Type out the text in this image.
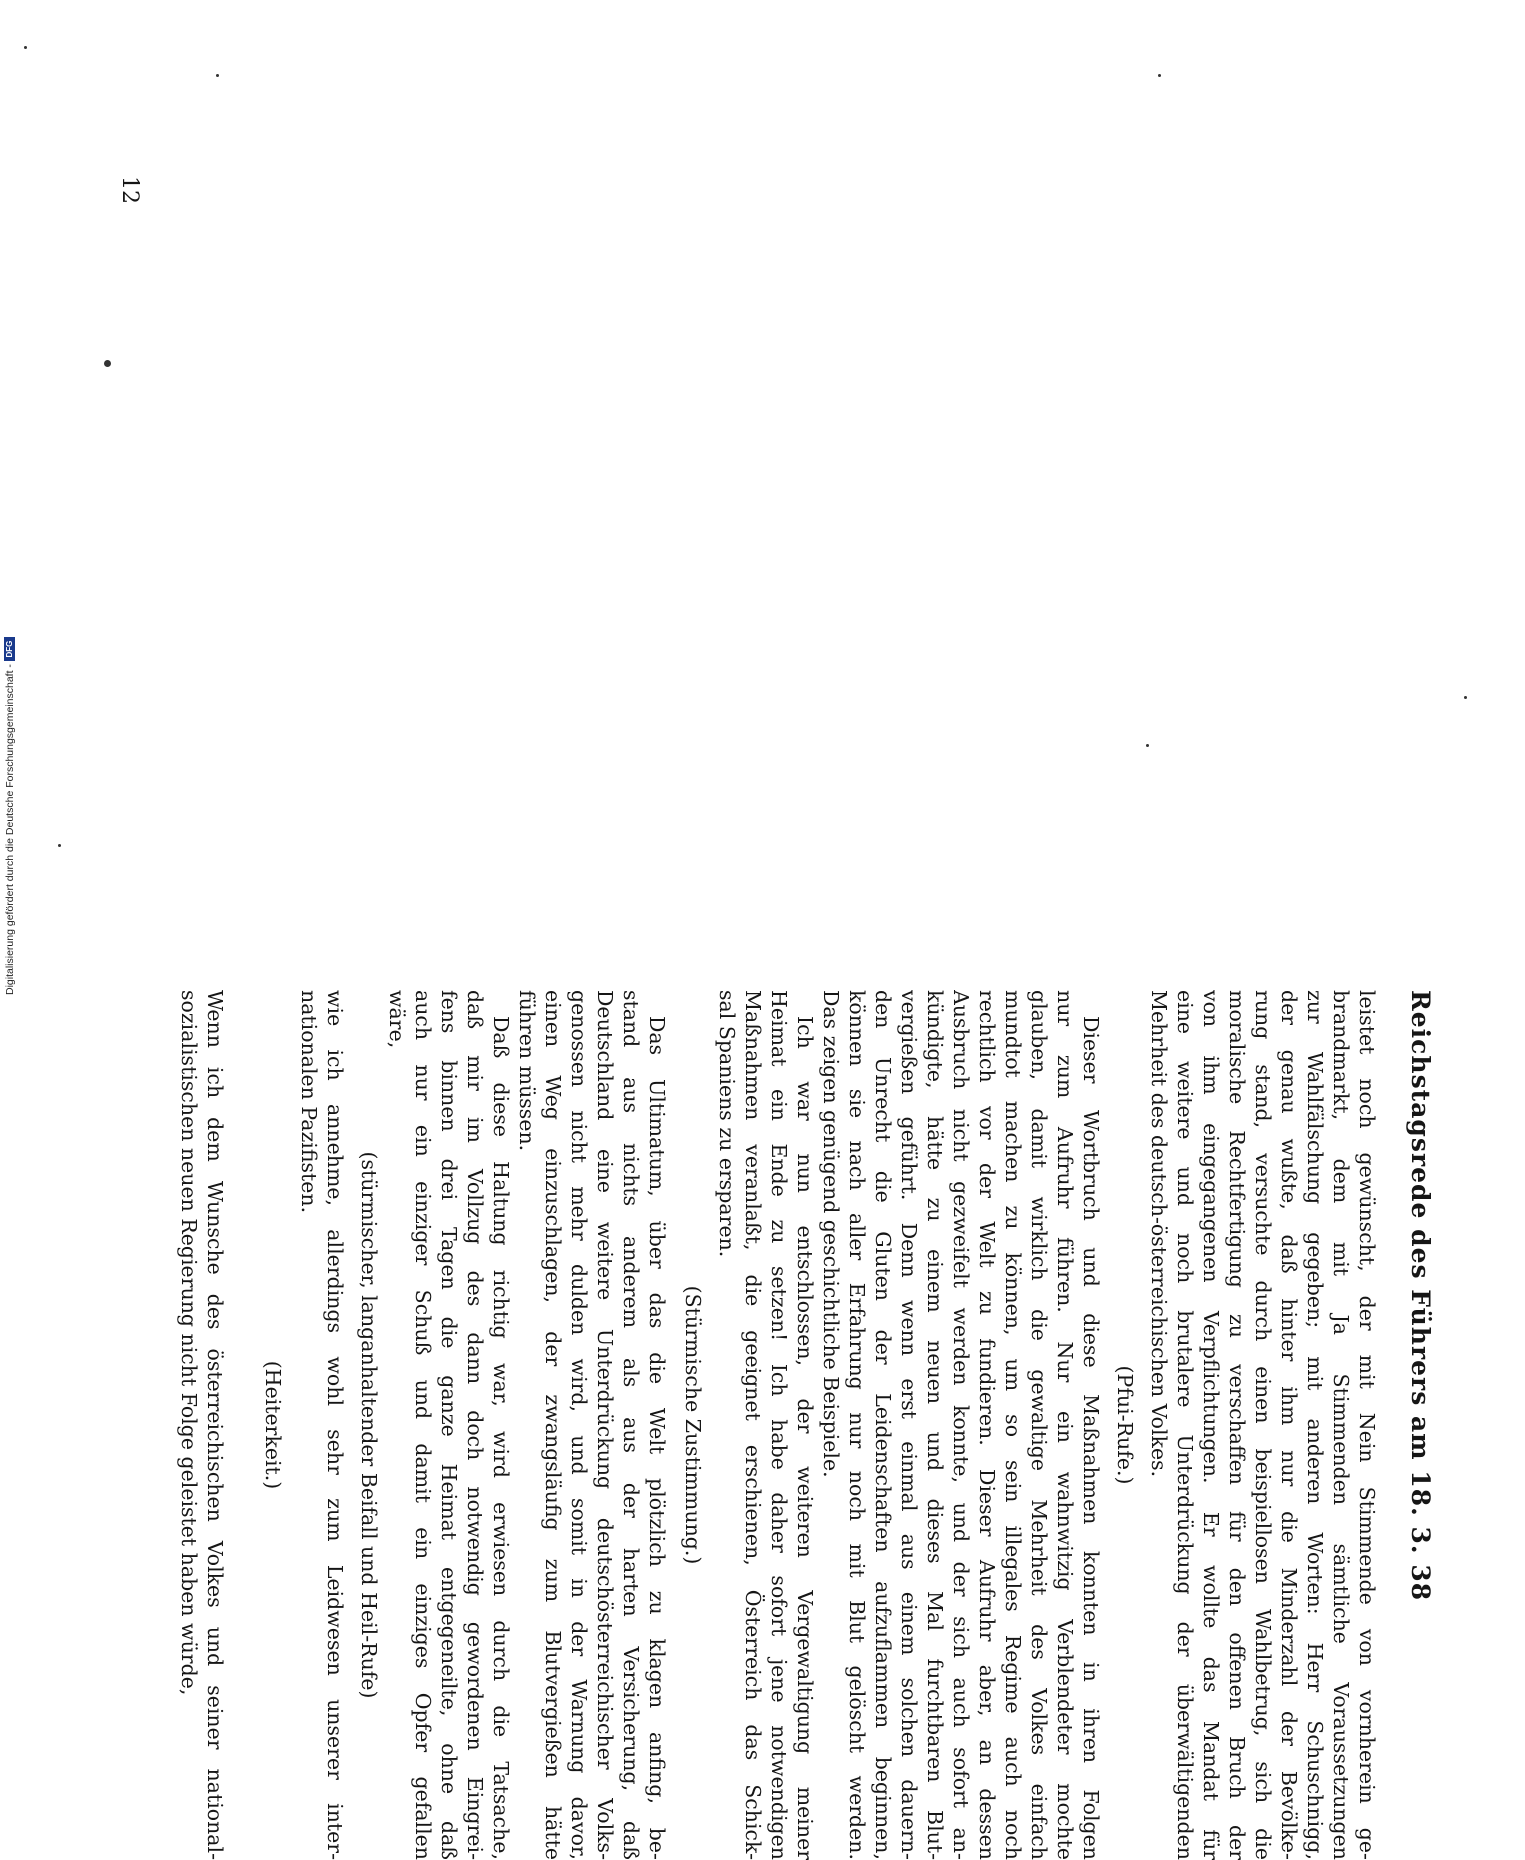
Reichstagsrede des Führers am 18. 3. 38
leistet noch gewünscht, der mit Nein Stimmende von vornherein ge-
brandmarkt, dem mit Ja Stimmenden sämtliche Voraussetzungen
zur Wahlfälschung gegeben; mit anderen Worten: Herr Schuschnigg,
der genau wußte, daß hinter ihm nur die Minderzahl der Bevölke-
rung stand, versuchte durch einen beispiellosen Wahlbetrug, sich die
moralische Rechtfertigung zu verschaffen für den offenen Bruch der
von ihm eingegangenen Verpflichtungen. Er wollte das Mandat für
eine weitere und noch brutalere Unterdrückung der überwältigenden
Mehrheit des deutsch-österreichischen Volkes.
(Pfui-Rufe.)
Dieser Wortbruch und diese Maßnahmen konnten in ihren Folgen
nur zum Aufruhr führen. Nur ein wahnwitzig Verblendeter mochte
glauben, damit wirklich die gewaltige Mehrheit des Volkes einfach
mundtot machen zu können, um so sein illegales Regime auch noch
rechtlich vor der Welt zu fundieren. Dieser Aufruhr aber, an dessen
Ausbruch nicht gezweifelt werden konnte, und der sich auch sofort an-
kündigte, hätte zu einem neuen und dieses Mal furchtbaren Blut-
vergießen geführt. Denn wenn erst einmal aus einem solchen dauern-
den Unrecht die Gluten der Leidenschaften aufzuflammen beginnen,
können sie nach aller Erfahrung nur noch mit Blut gelöscht werden.
Das zeigen genügend geschichtliche Beispiele.
Ich war nun entschlossen, der weiteren Vergewaltigung meiner
Heimat ein Ende zu setzen! Ich habe daher sofort jene notwendigen
Maßnahmen veranlaßt, die geeignet erschienen, Österreich das Schick-
sal Spaniens zu ersparen.
(Stürmische Zustimmung.)
Das Ultimatum, über das die Welt plötzlich zu klagen anfing, be-
stand aus nichts anderem als aus der harten Versicherung, daß
Deutschland eine weitere Unterdrückung deutschösterreichischer Volks-
genossen nicht mehr dulden wird, und somit in der Warnung davor,
einen Weg einzuschlagen, der zwangsläufig zum Blutvergießen hätte
führen müssen.
Daß diese Haltung richtig war, wird erwiesen durch die Tatsache,
daß mir im Vollzug des dann doch notwendig gewordenen Eingrei-
fens binnen drei Tagen die ganze Heimat entgegeneilte, ohne daß
auch nur ein einziger Schuß und damit ein einziges Opfer gefallen
wäre,
(stürmischer, langanhaltender Beifall und Heil-Rufe)
wie ich annehme, allerdings wohl sehr zum Leidwesen unserer inter-
nationalen Pazifisten.
(Heiterkeit.)
Wenn ich dem Wunsche des österreichischen Volkes und seiner national-
sozialistischen neuen Regierung nicht Folge geleistet haben würde,
12
Digitalisierung gefördert durch die Deutsche Forschungsgemeinschaft -DFG
